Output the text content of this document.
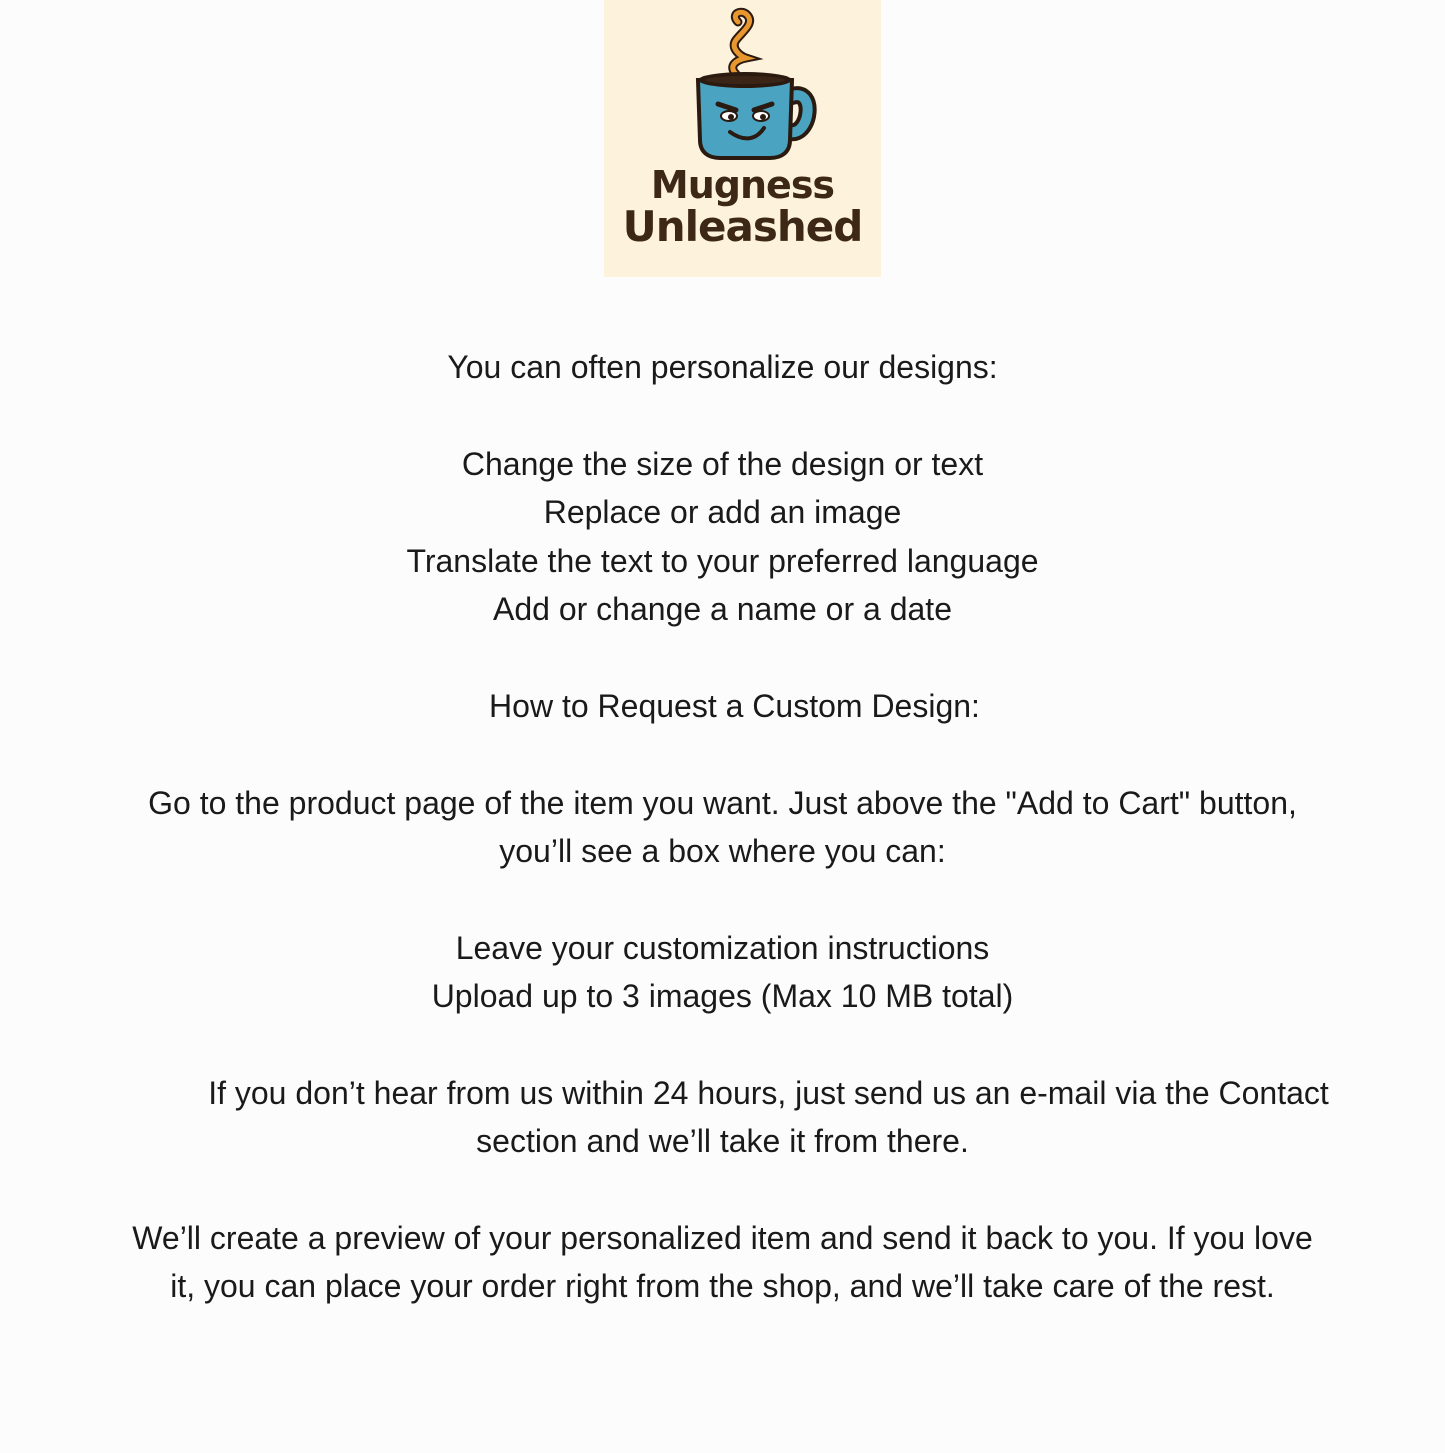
Mugness
Unleashed
You can often personalize our designs:
Change the size of the design or text
Replace or add an image
Translate the text to your preferred language
Add or change a name or a date
How to Request a Custom Design:
Go to the product page of the item you want. Just above the "Add to Cart" button,
you’ll see a box where you can:
Leave your customization instructions
Upload up to 3 images (Max 10 MB total)
If you don’t hear from us within 24 hours, just send us an e-mail via the Contact
section and we’ll take it from there.
We’ll create a preview of your personalized item and send it back to you. If you love
it, you can place your order right from the shop, and we’ll take care of the rest.
